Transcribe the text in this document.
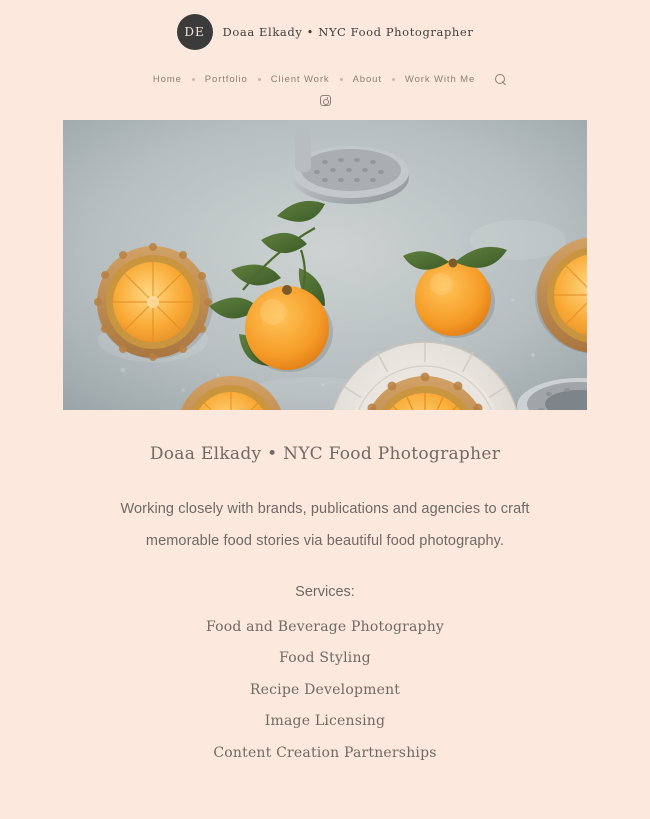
DE Doaa Elkady • NYC Food Photographer
Home	Portfolio	Client Work	About	Work With Me
Doaa Elkady • NYC Food Photographer
Working closely with brands, publications and agencies to craft
memorable food stories via beautiful food photography.
Services:
Food and Beverage Photography
Food Styling
Recipe Development
Image Licensing
Content Creation Partnerships
